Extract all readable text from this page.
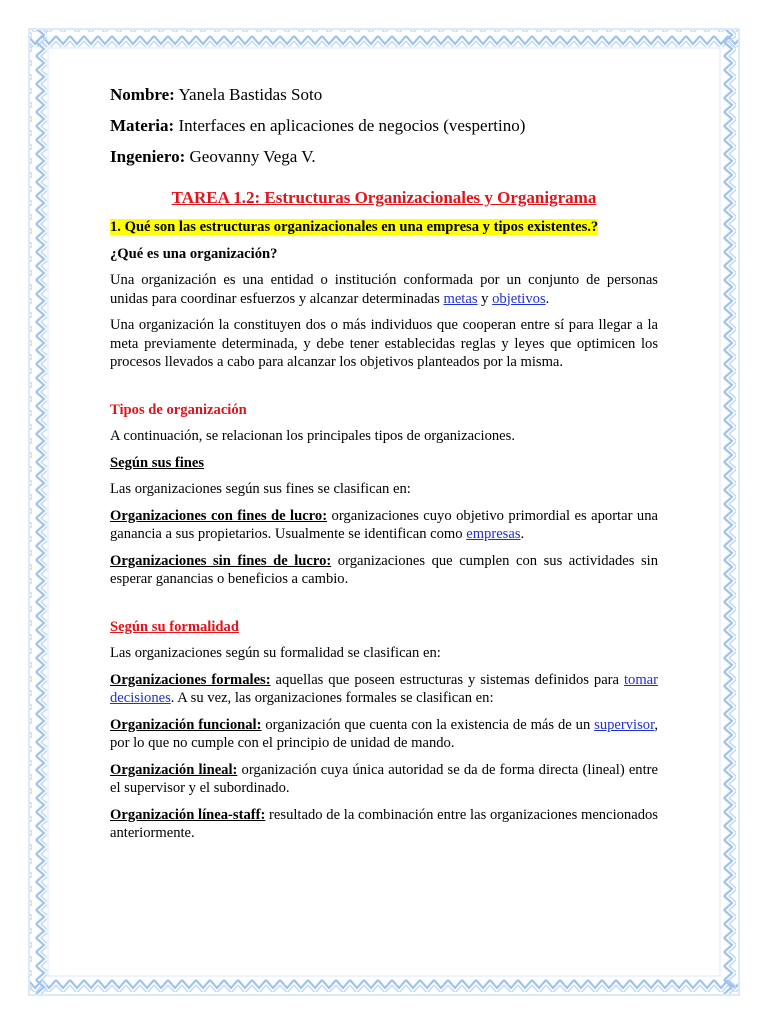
Nombre: Yanela Bastidas Soto
Materia: Interfaces en aplicaciones de negocios (vespertino)
Ingeniero: Geovanny Vega V.
TAREA 1.2: Estructuras Organizacionales y Organigrama
1. Qué son las estructuras organizacionales en una empresa y tipos existentes.?

¿Qué es una organización?

Una organización es una entidad o institución conformada por un conjunto de personas unidas para coordinar esfuerzos y alcanzar determinadas metas y objetivos.

Una organización la constituyen dos o más individuos que cooperan entre sí para llegar a la meta previamente determinada, y debe tener establecidas reglas y leyes que optimicen los procesos llevados a cabo para alcanzar los objetivos planteados por la misma.

Tipos de organización

A continuación, se relacionan los principales tipos de organizaciones.

Según sus fines

Las organizaciones según sus fines se clasifican en:

Organizaciones con fines de lucro: organizaciones cuyo objetivo primordial es aportar una ganancia a sus propietarios. Usualmente se identifican como empresas.

Organizaciones sin fines de lucro: organizaciones que cumplen con sus actividades sin esperar ganancias o beneficios a cambio.

Según su formalidad

Las organizaciones según su formalidad se clasifican en:

Organizaciones formales: aquellas que poseen estructuras y sistemas definidos para tomar decisiones. A su vez, las organizaciones formales se clasifican en:

Organización funcional: organización que cuenta con la existencia de más de un supervisor, por lo que no cumple con el principio de unidad de mando.

Organización lineal: organización cuya única autoridad se da de forma directa (lineal) entre el supervisor y el subordinado.

Organización línea-staff: resultado de la combinación entre las organizaciones mencionados anteriormente.
